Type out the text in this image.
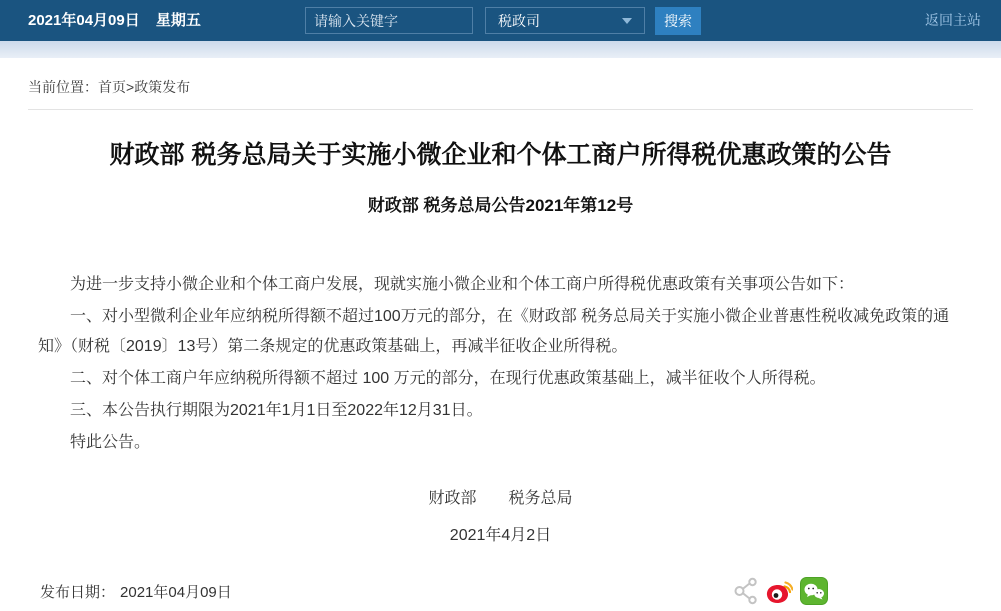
2021年04月09日 星期五
请输入关键字	税政司	搜索	返回主站
当前位置：首页>政策发布
财政部 税务总局关于实施小微企业和个体工商户所得税优惠政策的公告
财政部 税务总局公告2021年第12号

为进一步支持小微企业和个体工商户发展，现就实施小微企业和个体工商户所得税优惠政策有关事项公告如下：

一、对小型微利企业年应纳税所得额不超过100万元的部分，在《财政部 税务总局关于实施小微企业普惠性税收减免政策的通知》（财税〔2019〕13号）第二条规定的优惠政策基础上，再减半征收企业所得税。

二、对个体工商户年应纳税所得额不超过 100 万元的部分，在现行优惠政策基础上，减半征收个人所得税。

三、本公告执行期限为2021年1月1日至2022年12月31日。

特此公告。

财政部　　税务总局

2021年4月2日

发布日期： 2021年04月09日
